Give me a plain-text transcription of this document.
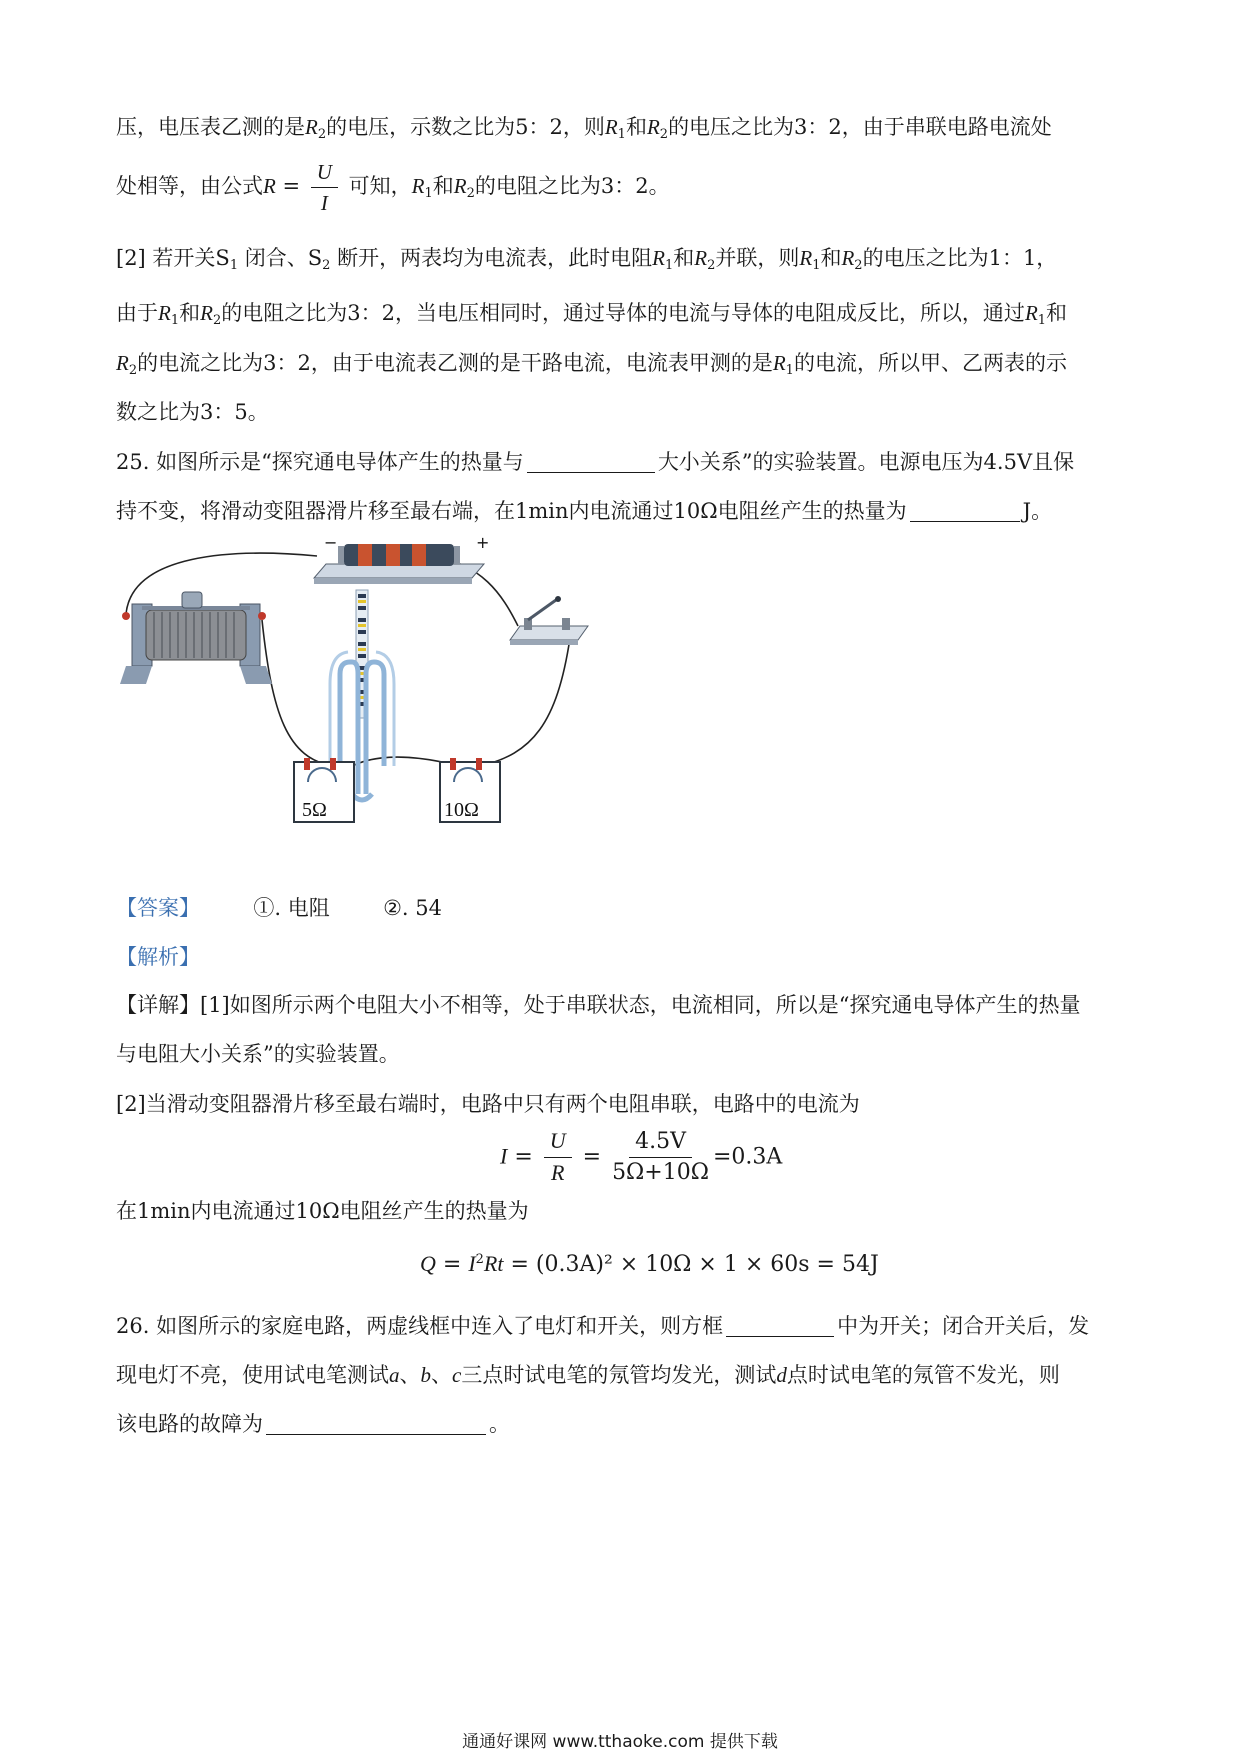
压，电压表乙测的是$R_2$的电压，示数之比为5：2，则$R_1$和$R_2$的电压之比为3：2，由于串联电路电流处
处相等，由公式$R = \frac{U}{I}$ 可知，$R_1$和$R_2$的电阻之比为3：2。
[2] 若开关$S_1$ 闭合、$S_2$ 断开，两表均为电流表，此时电阻$R_1$和$R_2$并联，则$R_1$和$R_2$的电压之比为1：1，
由于$R_1$和$R_2$的电阻之比为3：2，当电压相同时，通过导体的电流与导体的电阻成反比，所以，通过$R_1$和
$R_2$的电流之比为3：2，由于电流表乙测的是干路电流，电流表甲测的是$R_1$的电流，所以甲、乙两表的示
数之比为3：5。
25. 如图所示是“探究通电导体产生的热量与	大小关系”的实验装置。电源电压为4.5V且保
持不变，将滑动变阻器滑片移至最右端，在1min内电流通过10Ω电阻丝产生的热量为	J。
−	+
5Ω	10Ω
【答案】	①. 电阻	②. 54
【解析】
【详解】[1]如图所示两个电阻大小不相等，处于串联状态，电流相同，所以是“探究通电导体产生的热量
与电阻大小关系”的实验装置。
[2]当滑动变阻器滑片移至最右端时，电路中只有两个电阻串联，电路中的电流为
$I = \frac{U}{R} = \frac{4.5V}{5\Omega+10\Omega} =0.3A$
在1min内电流通过10Ω电阻丝产生的热量为
$Q = I^2Rt = (0.3A)^2 \times 10\Omega \times 1 \times 60s = 54J$
26. 如图所示的家庭电路，两虚线框中连入了电灯和开关，则方框	中为开关；闭合开关后，发
现电灯不亮，使用试电笔测试a、b、c三点时试电笔的氖管均发光，测试d点时试电笔的氖管不发光，则
该电路的故障为	。
通通好课网 www.tthaoke.com 提供下载
